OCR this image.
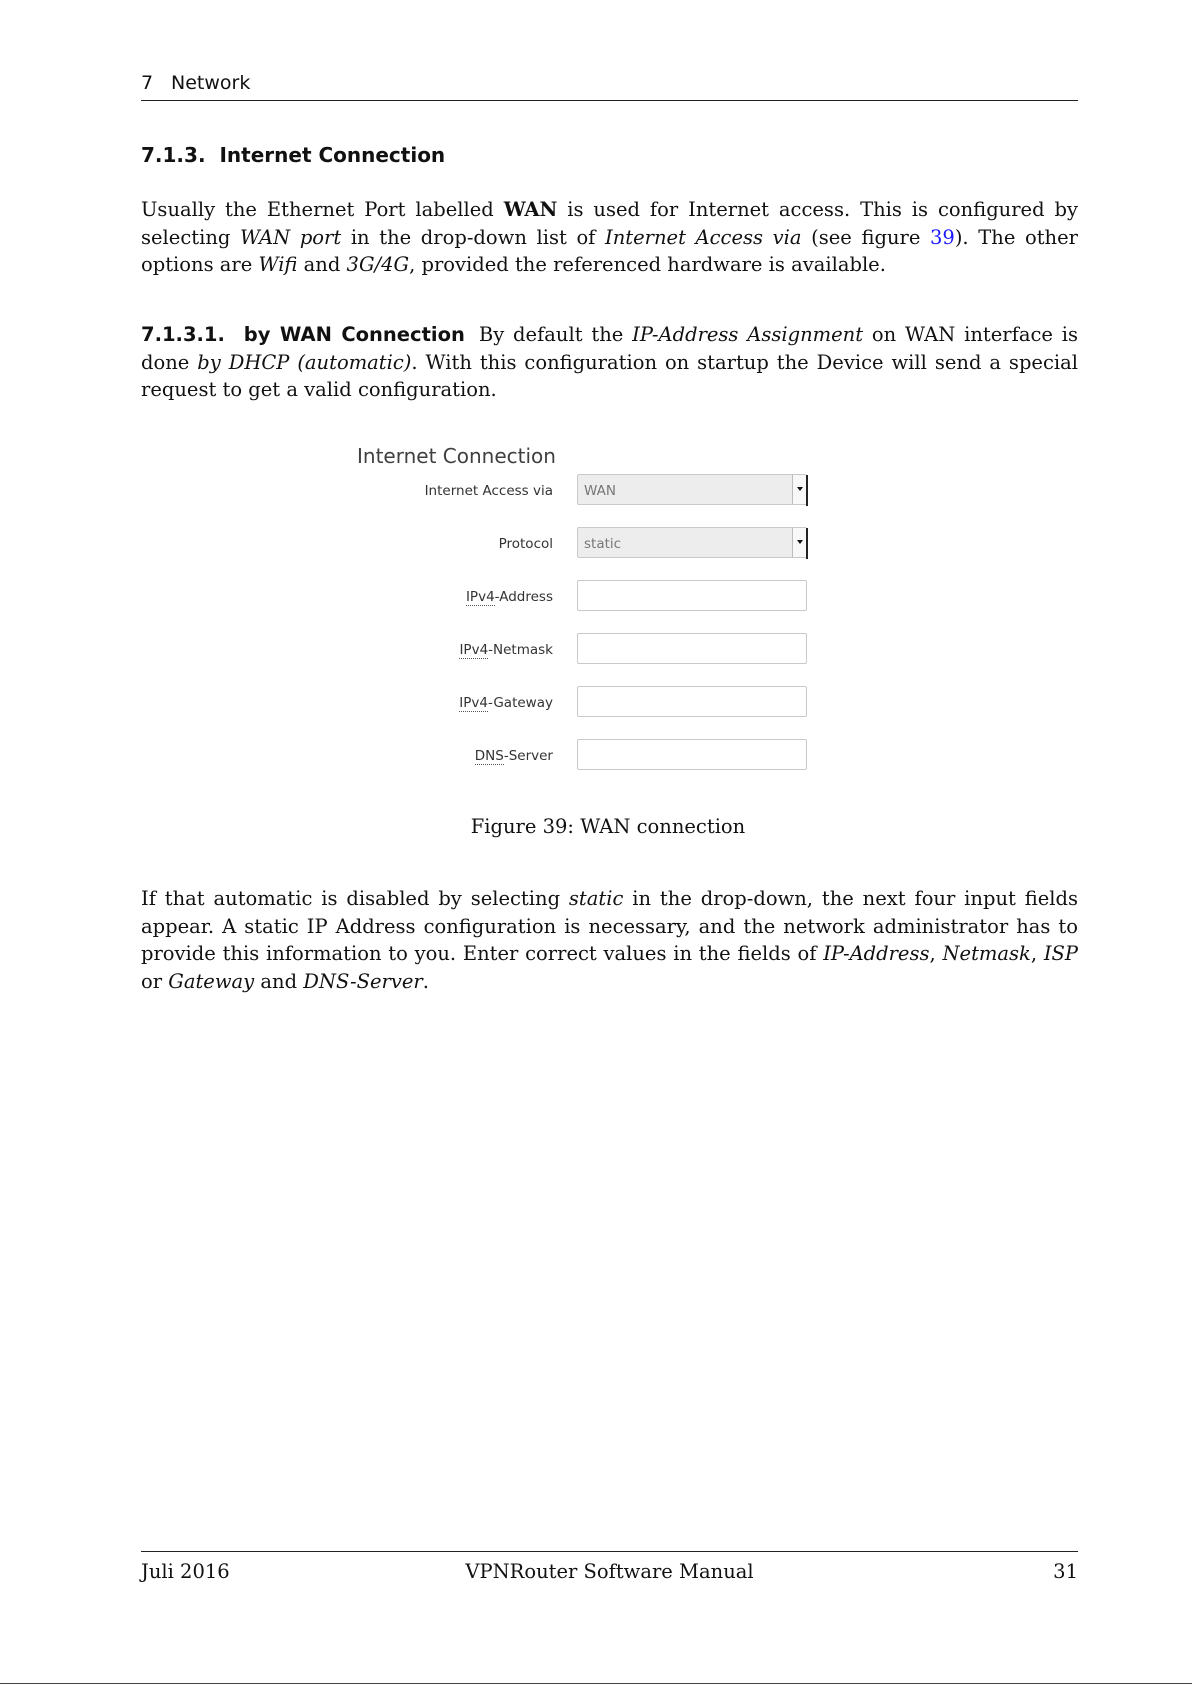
7 Network
7.1.3.  Internet Connection

Usually the Ethernet Port labelled WAN is used for Internet access. This is configured by selecting WAN port in the drop-down list of Internet Access via (see figure 39). The other options are Wifi and 3G/4G, provided the referenced hardware is available.

7.1.3.1.  by WAN Connection By default the IP-Address Assignment on WAN interface is done by DHCP (automatic). With this configuration on startup the Device will send a special request to get a valid configuration.

Internet Connection
Internet Access via WAN
Protocol static
IPv4-Address
IPv4-Netmask
IPv4-Gateway
DNS-Server
Figure 39: WAN connection

If that automatic is disabled by selecting static in the drop-down, the next four input fields appear. A static IP Address configuration is necessary, and the network administrator has to provide this information to you. Enter correct values in the fields of IP-Address, Netmask, ISP or Gateway and DNS-Server.

Juli 2016	VPNRouter Software Manual	31
